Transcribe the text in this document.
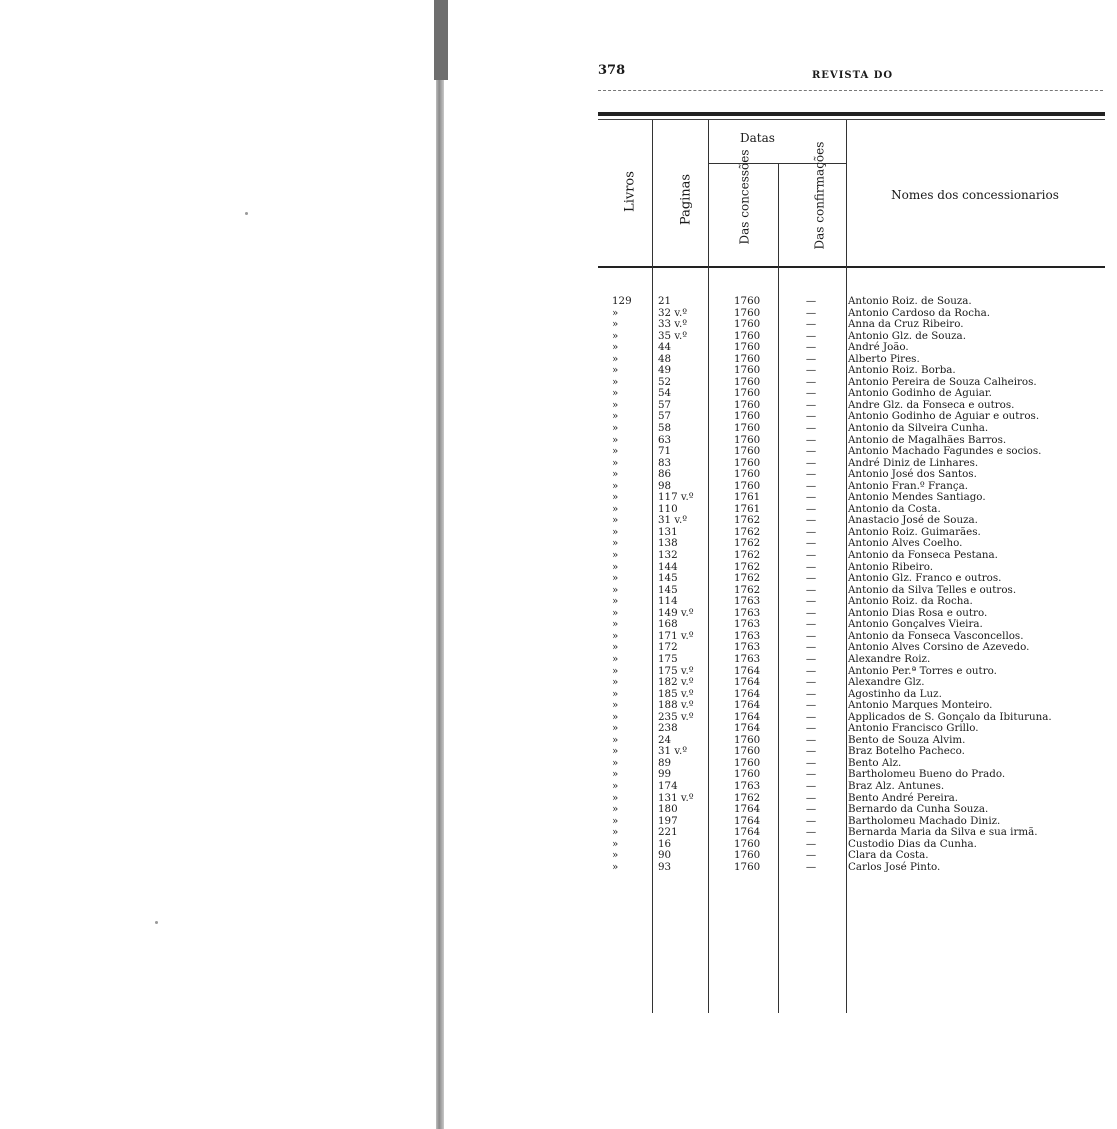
378	REVISTA DO
Livros	Paginas
Datas
Das concessões	Das confirmações	Nomes dos concessionarios
129	21	1760	—	Antonio Roiz. de Souza.
»	32 v.º	1760	—	Antonio Cardoso da Rocha.
»	33 v.º	1760	—	Anna da Cruz Ribeiro.
»	35 v.º	1760	—	Antonio Glz. de Souza.
»	44	1760	—	André João.
»	48	1760	—	Alberto Pires.
»	49	1760	—	Antonio Roiz. Borba.
»	52	1760	—	Antonio Pereira de Souza Calheiros.
»	54	1760	—	Antonio Godinho de Aguiar.
»	57	1760	—	Andre Glz. da Fonseca e outros.
»	57	1760	—	Antonio Godinho de Aguiar e outros.
»	58	1760	—	Antonio da Silveira Cunha.
»	63	1760	—	Antonio de Magalhães Barros.
»	71	1760	—	Antonio Machado Fagundes e socios.
»	83	1760	—	André Diniz de Linhares.
»	86	1760	—	Antonio José dos Santos.
»	98	1760	—	Antonio Fran.º França.
»	117 v.º	1761	—	Antonio Mendes Santiago.
»	110	1761	—	Antonio da Costa.
»	31 v.º	1762	—	Anastacio José de Souza.
»	131	1762	—	Antonio Roiz. Guimarães.
»	138	1762	—	Antonio Alves Coelho.
»	132	1762	—	Antonio da Fonseca Pestana.
»	144	1762	—	Antonio Ribeiro.
»	145	1762	—	Antonio Glz. Franco e outros.
»	145	1762	—	Antonio da Silva Telles e outros.
»	114	1763	—	Antonio Roiz. da Rocha.
»	149 v.º	1763	—	Antonio Dias Rosa e outro.
»	168	1763	—	Antonio Gonçalves Vieira.
»	171 v.º	1763	—	Antonio da Fonseca Vasconcellos.
»	172	1763	—	Antonio Alves Corsino de Azevedo.
»	175	1763	—	Alexandre Roiz.
»	175 v.º	1764	—	Antonio Per.ª Torres e outro.
»	182 v.º	1764	—	Alexandre Glz.
»	185 v.º	1764	—	Agostinho da Luz.
»	188 v.º	1764	—	Antonio Marques Monteiro.
»	235 v.º	1764	—	Applicados de S. Gonçalo da Ibituruna.
»	238	1764	—	Antonio Francisco Grillo.
»	24	1760	—	Bento de Souza Alvim.
»	31 v.º	1760	—	Braz Botelho Pacheco.
»	89	1760	—	Bento Alz.
»	99	1760	—	Bartholomeu Bueno do Prado.
»	174	1763	—	Braz Alz. Antunes.
»	131 v.º	1762	—	Bento André Pereira.
»	180	1764	—	Bernardo da Cunha Souza.
»	197	1764	—	Bartholomeu Machado Diniz.
»	221	1764	—	Bernarda Maria da Silva e sua irmã.
»	16	1760	—	Custodio Dias da Cunha.
»	90	1760	—	Clara da Costa.
»	93	1760	—	Carlos José Pinto.
